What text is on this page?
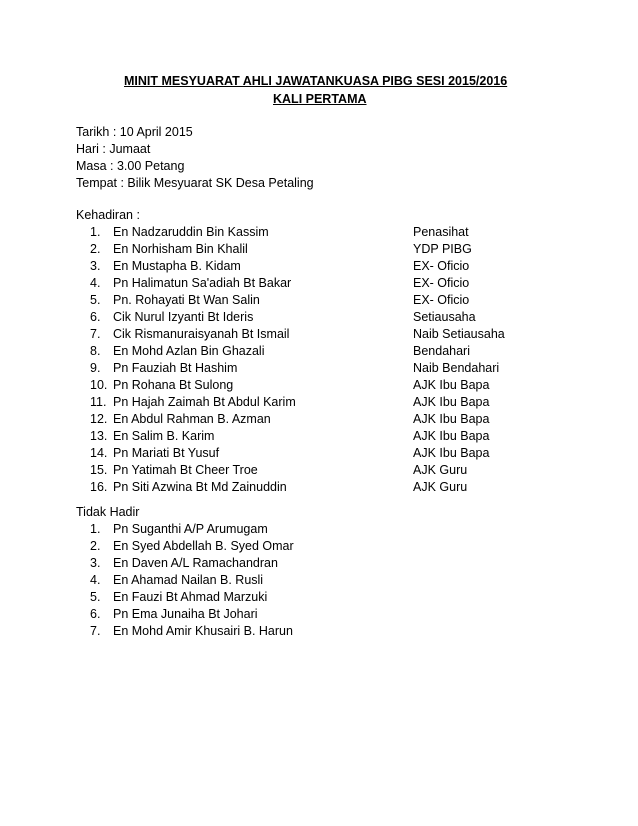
MINIT MESYUARAT AHLI JAWATANKUASA PIBG SESI 2015/2016
KALI PERTAMA
Tarikh : 10 April 2015
Hari : Jumaat
Masa : 3.00 Petang
Tempat : Bilik Mesyuarat SK Desa Petaling
Kehadiran :
1.	En Nadzaruddin Bin Kassim	Penasihat
2.	En Norhisham Bin Khalil	YDP PIBG
3.	En Mustapha B. Kidam	EX- Oficio
4.	Pn Halimatun Sa'adiah Bt Bakar	EX- Oficio
5.	Pn. Rohayati Bt Wan Salin	EX- Oficio
6.	Cik Nurul Izyanti Bt Ideris	Setiausaha
7.	Cik Rismanuraisyanah Bt Ismail	Naib Setiausaha
8.	En Mohd Azlan Bin Ghazali	Bendahari
9.	Pn Fauziah Bt Hashim	Naib Bendahari
10. Pn Rohana Bt Sulong	AJK Ibu Bapa
11. Pn Hajah Zaimah Bt Abdul Karim	AJK Ibu Bapa
12. En Abdul Rahman B. Azman	AJK Ibu Bapa
13. En Salim B. Karim	AJK Ibu Bapa
14. Pn Mariati Bt Yusuf	AJK Ibu Bapa
15. Pn Yatimah Bt Cheer Troe	AJK Guru
16. Pn Siti Azwina Bt Md Zainuddin	AJK Guru
Tidak Hadir
1.	Pn Suganthi A/P Arumugam
2.	En Syed Abdellah B. Syed Omar
3.	En Daven A/L Ramachandran
4.	En Ahamad Nailan B. Rusli
5.	En Fauzi Bt Ahmad Marzuki
6.	Pn Ema Junaiha Bt Johari
7.	En Mohd Amir Khusairi B. Harun
